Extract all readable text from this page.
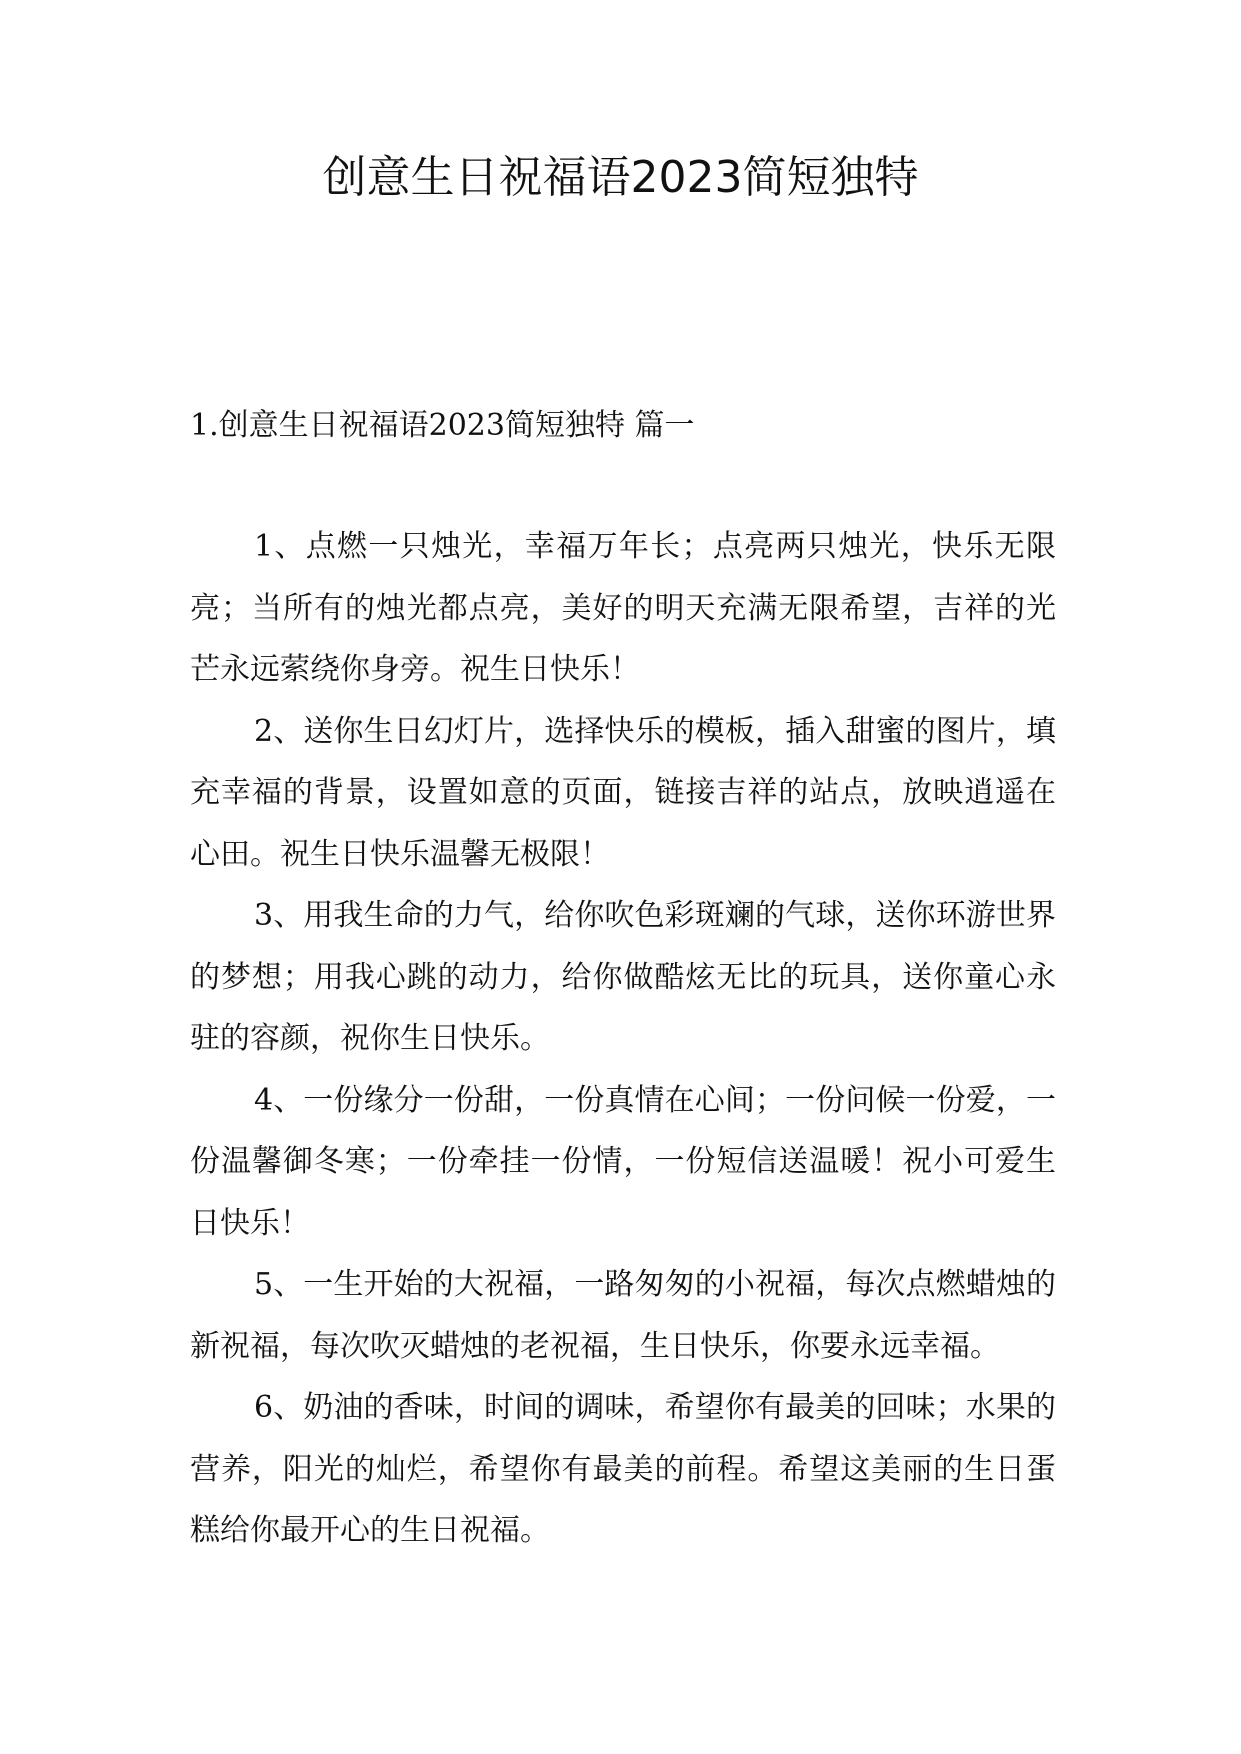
创意生日祝福语2023简短独特
1.创意生日祝福语2023简短独特 篇一

1、点燃一只烛光，幸福万年长；点亮两只烛光，快乐无限亮；当所有的烛光都点亮，美好的明天充满无限希望，吉祥的光芒永远萦绕你身旁。祝生日快乐！

2、送你生日幻灯片，选择快乐的模板，插入甜蜜的图片，填充幸福的背景，设置如意的页面，链接吉祥的站点，放映逍遥在心田。祝生日快乐温馨无极限！

3、用我生命的力气，给你吹色彩斑斓的气球，送你环游世界的梦想；用我心跳的动力，给你做酷炫无比的玩具，送你童心永驻的容颜，祝你生日快乐。

4、一份缘分一份甜，一份真情在心间；一份问候一份爱，一份温馨御冬寒；一份牵挂一份情，一份短信送温暖！祝小可爱生日快乐！

5、一生开始的大祝福，一路匆匆的小祝福，每次点燃蜡烛的新祝福，每次吹灭蜡烛的老祝福，生日快乐，你要永远幸福。

6、奶油的香味，时间的调味，希望你有最美的回味；水果的营养，阳光的灿烂，希望你有最美的前程。希望这美丽的生日蛋糕给你最开心的生日祝福。
